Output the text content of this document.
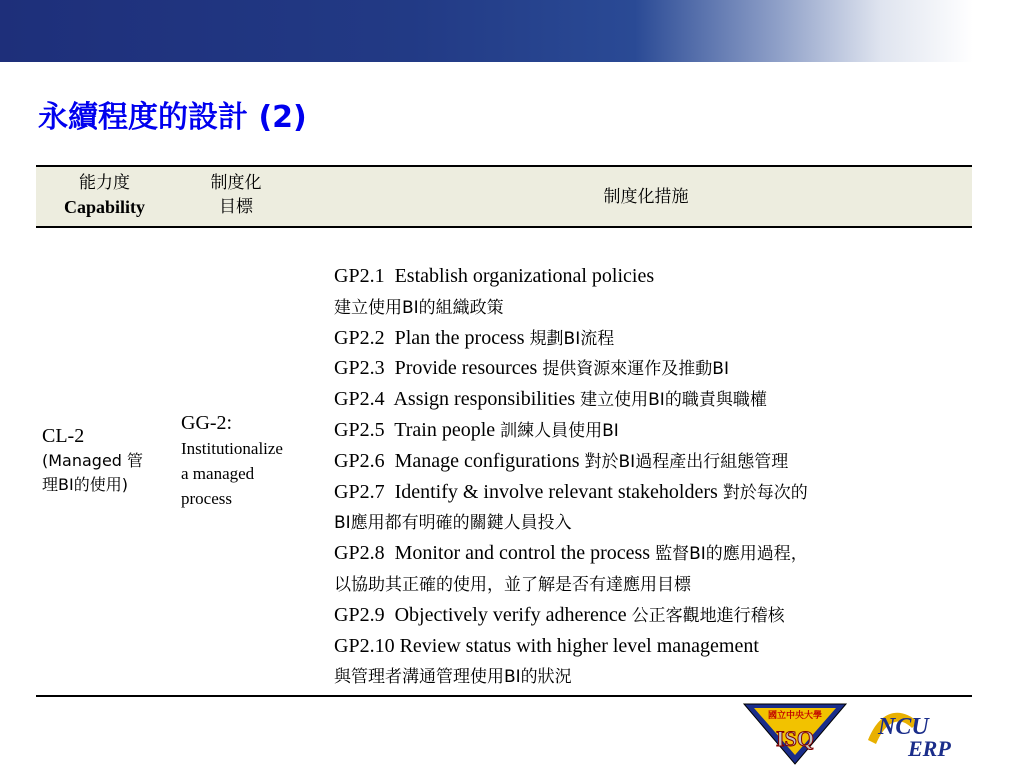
永續程度的設計 (2)
能力度
Capability
制度化
目標	制度化措施
CL-2
(Managed 管
理BI的使用)
GG-2:
Institutionalize
a managed
process
GP2.1  Establish organizational policies
建立使用BI的組織政策
GP2.2  Plan the process 規劃BI流程
GP2.3  Provide resources 提供資源來運作及推動BI
GP2.4  Assign responsibilities 建立使用BI的職責與職權
GP2.5  Train people 訓練人員使用BI
GP2.6  Manage configurations 對於BI過程產出行組態管理
GP2.7  Identify & involve relevant stakeholders 對於每次的
BI應用都有明確的關鍵人員投入
GP2.8  Monitor and control the process 監督BI的應用過程，
以協助其正確的使用，並了解是否有達應用目標
GP2.9  Objectively verify adherence 公正客觀地進行稽核
GP2.10 Review status with higher level management
與管理者溝通管理使用BI的狀況
國立中央大學
ISQ	NCU
ERP
